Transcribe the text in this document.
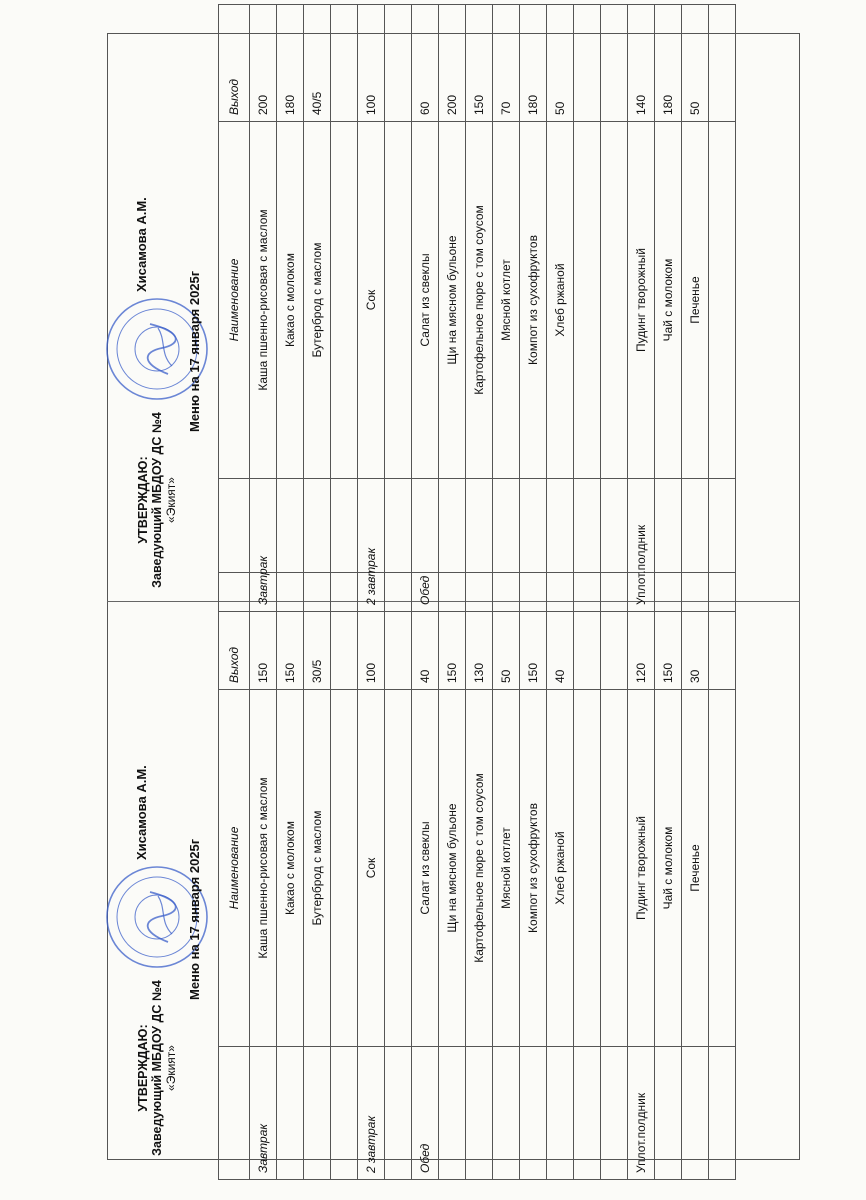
УТВЕРЖДАЮ: Заведующий МБДОУ ДС №4 «Экият»
Хисамова А.М.
Меню на 17 января 2025г
	Наименование	Выход
Завтрак	Каша пшенно-рисовая с маслом	150
	Какао с молоком	150
	Бутерброд с маслом	30/5

2 завтрак	Сок	100

Обед	Салат из свеклы	40
	Щи на мясном бульоне	150
	Картофельное пюре с том соусом	130
	Мясной котлет	50
	Компот из сухофруктов	150
	Хлеб ржаной	40

Уплот.полдник	Пудинг творожный	120
	Чай с молоком	150
	Печенье	30

УТВЕРЖДАЮ: Заведующий МБДОУ ДС №4 «Экият»
Хисамова А.М.
Меню на 17 января 2025г
	Наименование	Выход
Завтрак	Каша пшенно-рисовая с маслом	200
	Какао с молоком	180
	Бутерброд с маслом	40/5

2 завтрак	Сок	100

Обед	Салат из свеклы	60
	Щи на мясном бульоне	200
	Картофельное пюре с том соусом	150
	Мясной котлет	70
	Компот из сухофруктов	180
	Хлеб ржаной	50

Уплот.полдник	Пудинг творожный	140
	Чай с молоком	180
	Печенье	50
